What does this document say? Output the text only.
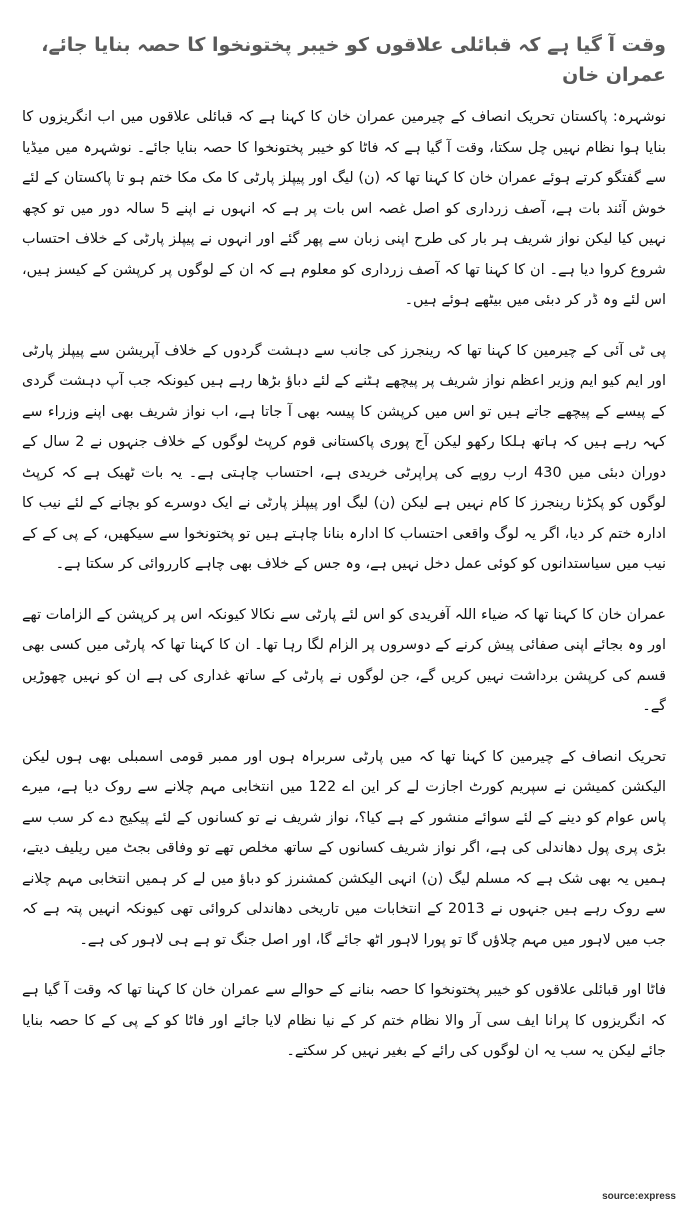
وقت آ گیا ہے کہ قبائلی علاقوں کو خیبر پختونخوا کا حصہ بنایا جائے، عمران خان
نوشہرہ: پاکستان تحریک انصاف کے چیرمین عمران خان کا کہنا ہے کہ قبائلی علاقوں میں اب انگریزوں کا بنایا ہوا نظام نہیں چل سکتا، وقت آ گیا ہے کہ فاٹا کو خیبر پختونخوا کا حصہ بنایا جائے۔ نوشہرہ میں میڈیا سے گفتگو کرتے ہوئے عمران خان کا کہنا تھا کہ (ن) لیگ اور پیپلز پارٹی کا مک مکا ختم ہو تا پاکستان کے لئے خوش آئند بات ہے، آصف زرداری کو اصل غصہ اس بات پر ہے کہ انہوں نے اپنے 5 سالہ دور میں تو کچھ نہیں کیا لیکن نواز شریف ہر بار کی طرح اپنی زبان سے پھر گئے اور انہوں نے پیپلز پارٹی کے خلاف احتساب شروع کروا دیا ہے۔ ان کا کہنا تھا کہ آصف زرداری کو معلوم ہے کہ ان کے لوگوں پر کرپشن کے کیسز ہیں، اس لئے وہ ڈر کر دبئی میں بیٹھے ہوئے ہیں۔
پی ٹی آئی کے چیرمین کا کہنا تھا کہ رینجرز کی جانب سے دہشت گردوں کے خلاف آپریشن سے پیپلز پارٹی اور ایم کیو ایم وزیر اعظم نواز شریف پر پیچھے ہٹنے کے لئے دباؤ بڑھا رہے ہیں کیونکہ جب آپ دہشت گردی کے پیسے کے پیچھے جاتے ہیں تو اس میں کرپشن کا پیسہ بھی آ جاتا ہے، اب نواز شریف بھی اپنے وزراء سے کہہ رہے ہیں کہ ہاتھ ہلکا رکھو لیکن آج پوری پاکستانی قوم کرپٹ لوگوں کے خلاف جنہوں نے 2 سال کے دوران دبئی میں 430 ارب روپے کی پراپرٹی خریدی ہے، احتساب چاہتی ہے۔ یہ بات ٹھیک ہے کہ کرپٹ لوگوں کو پکڑنا رینجرز کا کام نہیں ہے لیکن (ن) لیگ اور پیپلز پارٹی نے ایک دوسرے کو بچانے کے لئے نیب کا ادارہ ختم کر دیا، اگر یہ لوگ واقعی احتساب کا ادارہ بنانا چاہتے ہیں تو پختونخوا سے سیکھیں، کے پی کے کے نیب میں سیاستدانوں کو کوئی عمل دخل نہیں ہے، وہ جس کے خلاف بھی چاہے کارروائی کر سکتا ہے۔
عمران خان کا کہنا تھا کہ ضیاء اللہ آفریدی کو اس لئے پارٹی سے نکالا کیونکہ اس پر کرپشن کے الزامات تھے اور وہ بجائے اپنی صفائی پیش کرنے کے دوسروں پر الزام لگا رہا تھا۔ ان کا کہنا تھا کہ پارٹی میں کسی بھی قسم کی کرپشن برداشت نہیں کریں گے، جن لوگوں نے پارٹی کے ساتھ غداری کی ہے ان کو نہیں چھوڑیں گے۔
تحریک انصاف کے چیرمین کا کہنا تھا کہ میں پارٹی سربراہ ہوں اور ممبر قومی اسمبلی بھی ہوں لیکن الیکشن کمیشن نے سپریم کورٹ اجازت لے کر این اے 122 میں انتخابی مہم چلانے سے روک دیا ہے، میرے پاس عوام کو دینے کے لئے سوائے منشور کے ہے کیا؟، نواز شریف نے تو کسانوں کے لئے پیکیج دے کر سب سے بڑی پری پول دھاندلی کی ہے، اگر نواز شریف کسانوں کے ساتھ مخلص تھے تو وفاقی بجٹ میں ریلیف دیتے، ہمیں یہ بھی شک ہے کہ مسلم لیگ (ن) انہی الیکشن کمشنرز کو دباؤ میں لے کر ہمیں انتخابی مہم چلانے سے روک رہے ہیں جنہوں نے 2013 کے انتخابات میں تاریخی دھاندلی کروائی تھی کیونکہ انہیں پتہ ہے کہ جب میں لاہور میں مہم چلاؤں گا تو پورا لاہور اٹھ جائے گا، اور اصل جنگ تو ہے ہی لاہور کی ہے۔
فاٹا اور قبائلی علاقوں کو خیبر پختونخوا کا حصہ بنانے کے حوالے سے عمران خان کا کہنا تھا کہ وقت آ گیا ہے کہ انگریزوں کا پرانا ایف سی آر والا نظام ختم کر کے نیا نظام لایا جائے اور فاٹا کو کے پی کے کا حصہ بنایا جائے لیکن یہ سب یہ ان لوگوں کی رائے کے بغیر نہیں کر سکتے۔
source:express
